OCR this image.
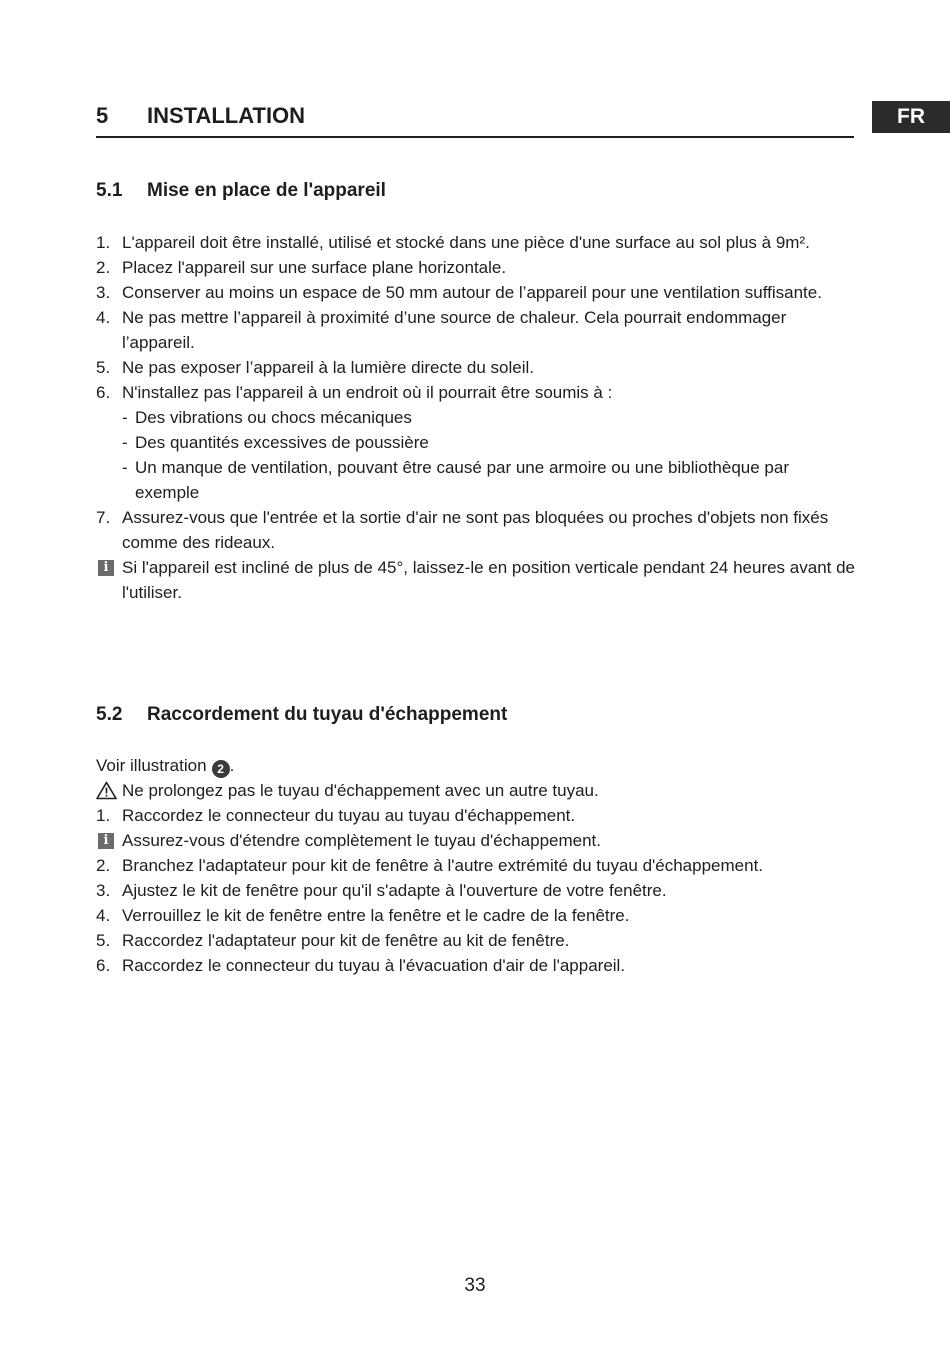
FR
5 INSTALLATION
5.1 Mise en place de l'appareil
1. L'appareil doit être installé, utilisé et stocké dans une pièce d'une surface au sol plus à 9m².
2. Placez l'appareil sur une surface plane horizontale.
3. Conserver au moins un espace de 50 mm autour de l’appareil pour une ventilation suffisante.
4. Ne pas mettre l’appareil à proximité d’une source de chaleur. Cela pourrait endommager l’appareil.
5. Ne pas exposer l’appareil à la lumière directe du soleil.
6. N'installez pas l'appareil à un endroit où il pourrait être soumis à :
- Des vibrations ou chocs mécaniques
- Des quantités excessives de poussière
- Un manque de ventilation, pouvant être causé par une armoire ou une bibliothèque par exemple
7. Assurez-vous que l'entrée et la sortie d'air ne sont pas bloquées ou proches d'objets non fixés comme des rideaux.
i Si l'appareil est incliné de plus de 45°, laissez-le en position verticale pendant 24 heures avant de l'utiliser.
5.2 Raccordement du tuyau d'échappement
Voir illustration 2 .
Ne prolongez pas le tuyau d'échappement avec un autre tuyau.
1. Raccordez le connecteur du tuyau au tuyau d'échappement.
i Assurez-vous d'étendre complètement le tuyau d'échappement.
2. Branchez l'adaptateur pour kit de fenêtre à l'autre extrémité du tuyau d'échappement.
3. Ajustez le kit de fenêtre pour qu'il s'adapte à l'ouverture de votre fenêtre.
4. Verrouillez le kit de fenêtre entre la fenêtre et le cadre de la fenêtre.
5. Raccordez l'adaptateur pour kit de fenêtre au kit de fenêtre.
6. Raccordez le connecteur du tuyau à l'évacuation d'air de l'appareil.
33
